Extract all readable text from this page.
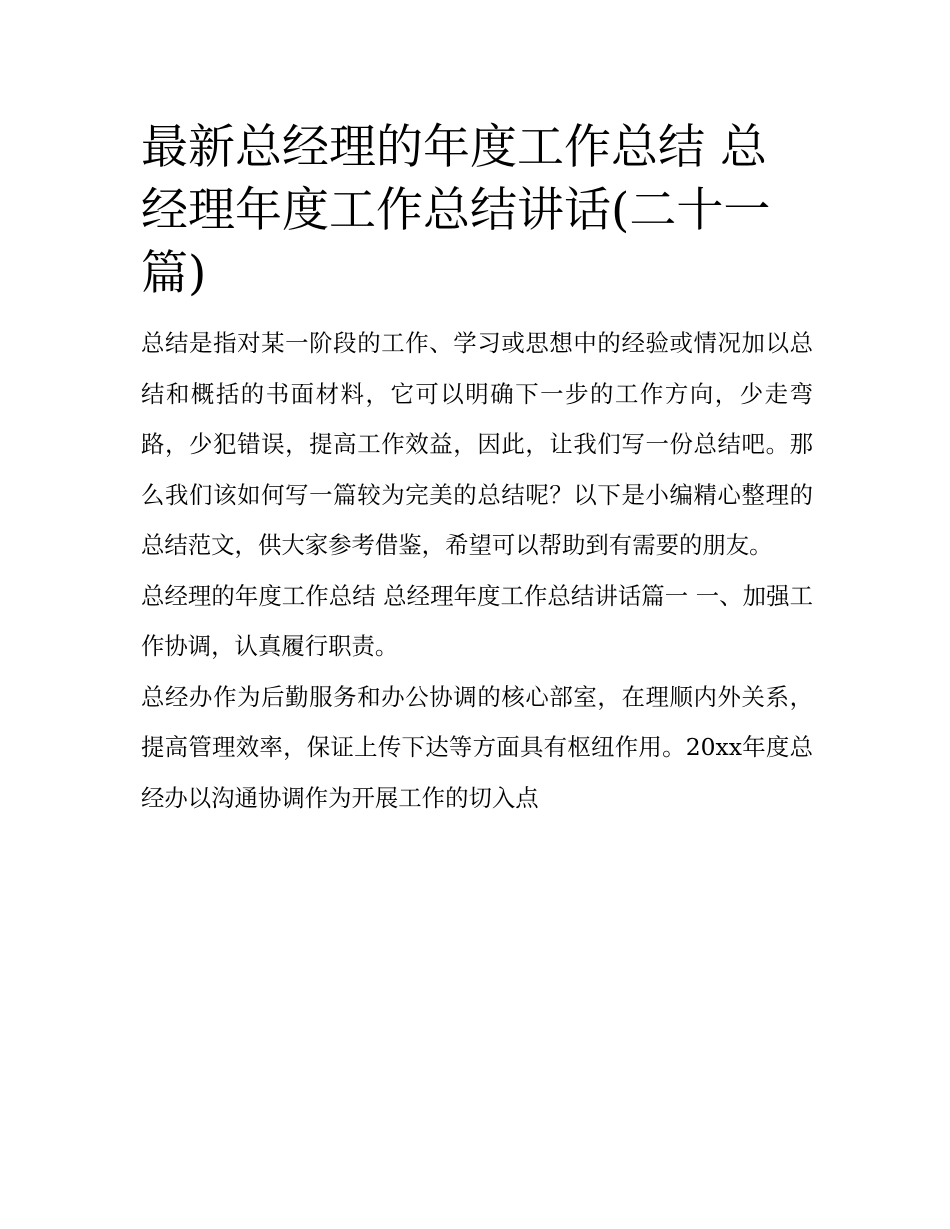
最新总经理的年度工作总结 总经理年度工作总结讲话(二十一篇)

总结是指对某一阶段的工作、学习或思想中的经验或情况加以总结和概括的书面材料，它可以明确下一步的工作方向，少走弯路，少犯错误，提高工作效益，因此，让我们写一份总结吧。那么我们该如何写一篇较为完美的总结呢？以下是小编精心整理的总结范文，供大家参考借鉴，希望可以帮助到有需要的朋友。

总经理的年度工作总结 总经理年度工作总结讲话篇一 一、加强工作协调，认真履行职责。

总经办作为后勤服务和办公协调的核心部室，在理顺内外关系，提高管理效率，保证上传下达等方面具有枢纽作用。20xx年度总经办以沟通协调作为开展工作的切入点
